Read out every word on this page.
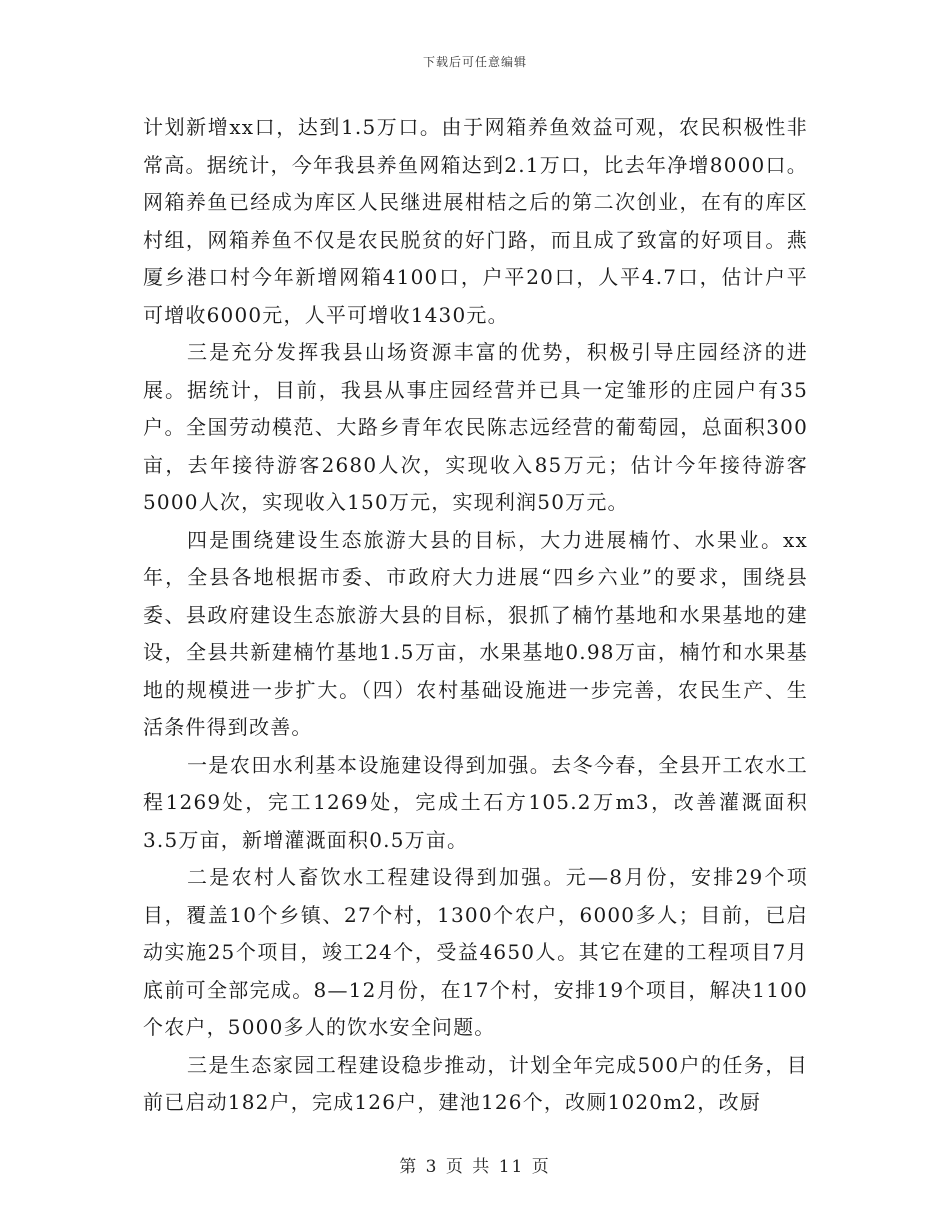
下载后可任意编辑

计划新增xx口，达到1.5万口。由于网箱养鱼效益可观，农民积极性非常高。据统计，今年我县养鱼网箱达到2.1万口，比去年净增8000口。网箱养鱼已经成为库区人民继进展柑桔之后的第二次创业，在有的库区村组，网箱养鱼不仅是农民脱贫的好门路，而且成了致富的好项目。燕厦乡港口村今年新增网箱4100口，户平20口，人平4.7口，估计户平可增收6000元，人平可增收1430元。

三是充分发挥我县山场资源丰富的优势，积极引导庄园经济的进展。据统计，目前，我县从事庄园经营并已具一定雏形的庄园户有35户。全国劳动模范、大路乡青年农民陈志远经营的葡萄园，总面积300亩，去年接待游客2680人次，实现收入85万元；估计今年接待游客5000人次，实现收入150万元，实现利润50万元。

四是围绕建设生态旅游大县的目标，大力进展楠竹、水果业。xx年，全县各地根据市委、市政府大力进展“四乡六业”的要求，围绕县委、县政府建设生态旅游大县的目标，狠抓了楠竹基地和水果基地的建设，全县共新建楠竹基地1.5万亩，水果基地0.98万亩，楠竹和水果基地的规模进一步扩大。（四）农村基础设施进一步完善，农民生产、生活条件得到改善。

一是农田水利基本设施建设得到加强。去冬今春，全县开工农水工程1269处，完工1269处，完成土石方105.2万m3，改善灌溉面积3.5万亩，新增灌溉面积0.5万亩。

二是农村人畜饮水工程建设得到加强。元—8月份，安排29个项目，覆盖10个乡镇、27个村，1300个农户，6000多人；目前，已启动实施25个项目，竣工24个，受益4650人。其它在建的工程项目7月底前可全部完成。8—12月份，在17个村，安排19个项目，解决1100个农户，5000多人的饮水安全问题。

三是生态家园工程建设稳步推动，计划全年完成500户的任务，目前已启动182户，完成126户，建池126个，改厕1020m2，改厨

第 3 页 共 11 页
